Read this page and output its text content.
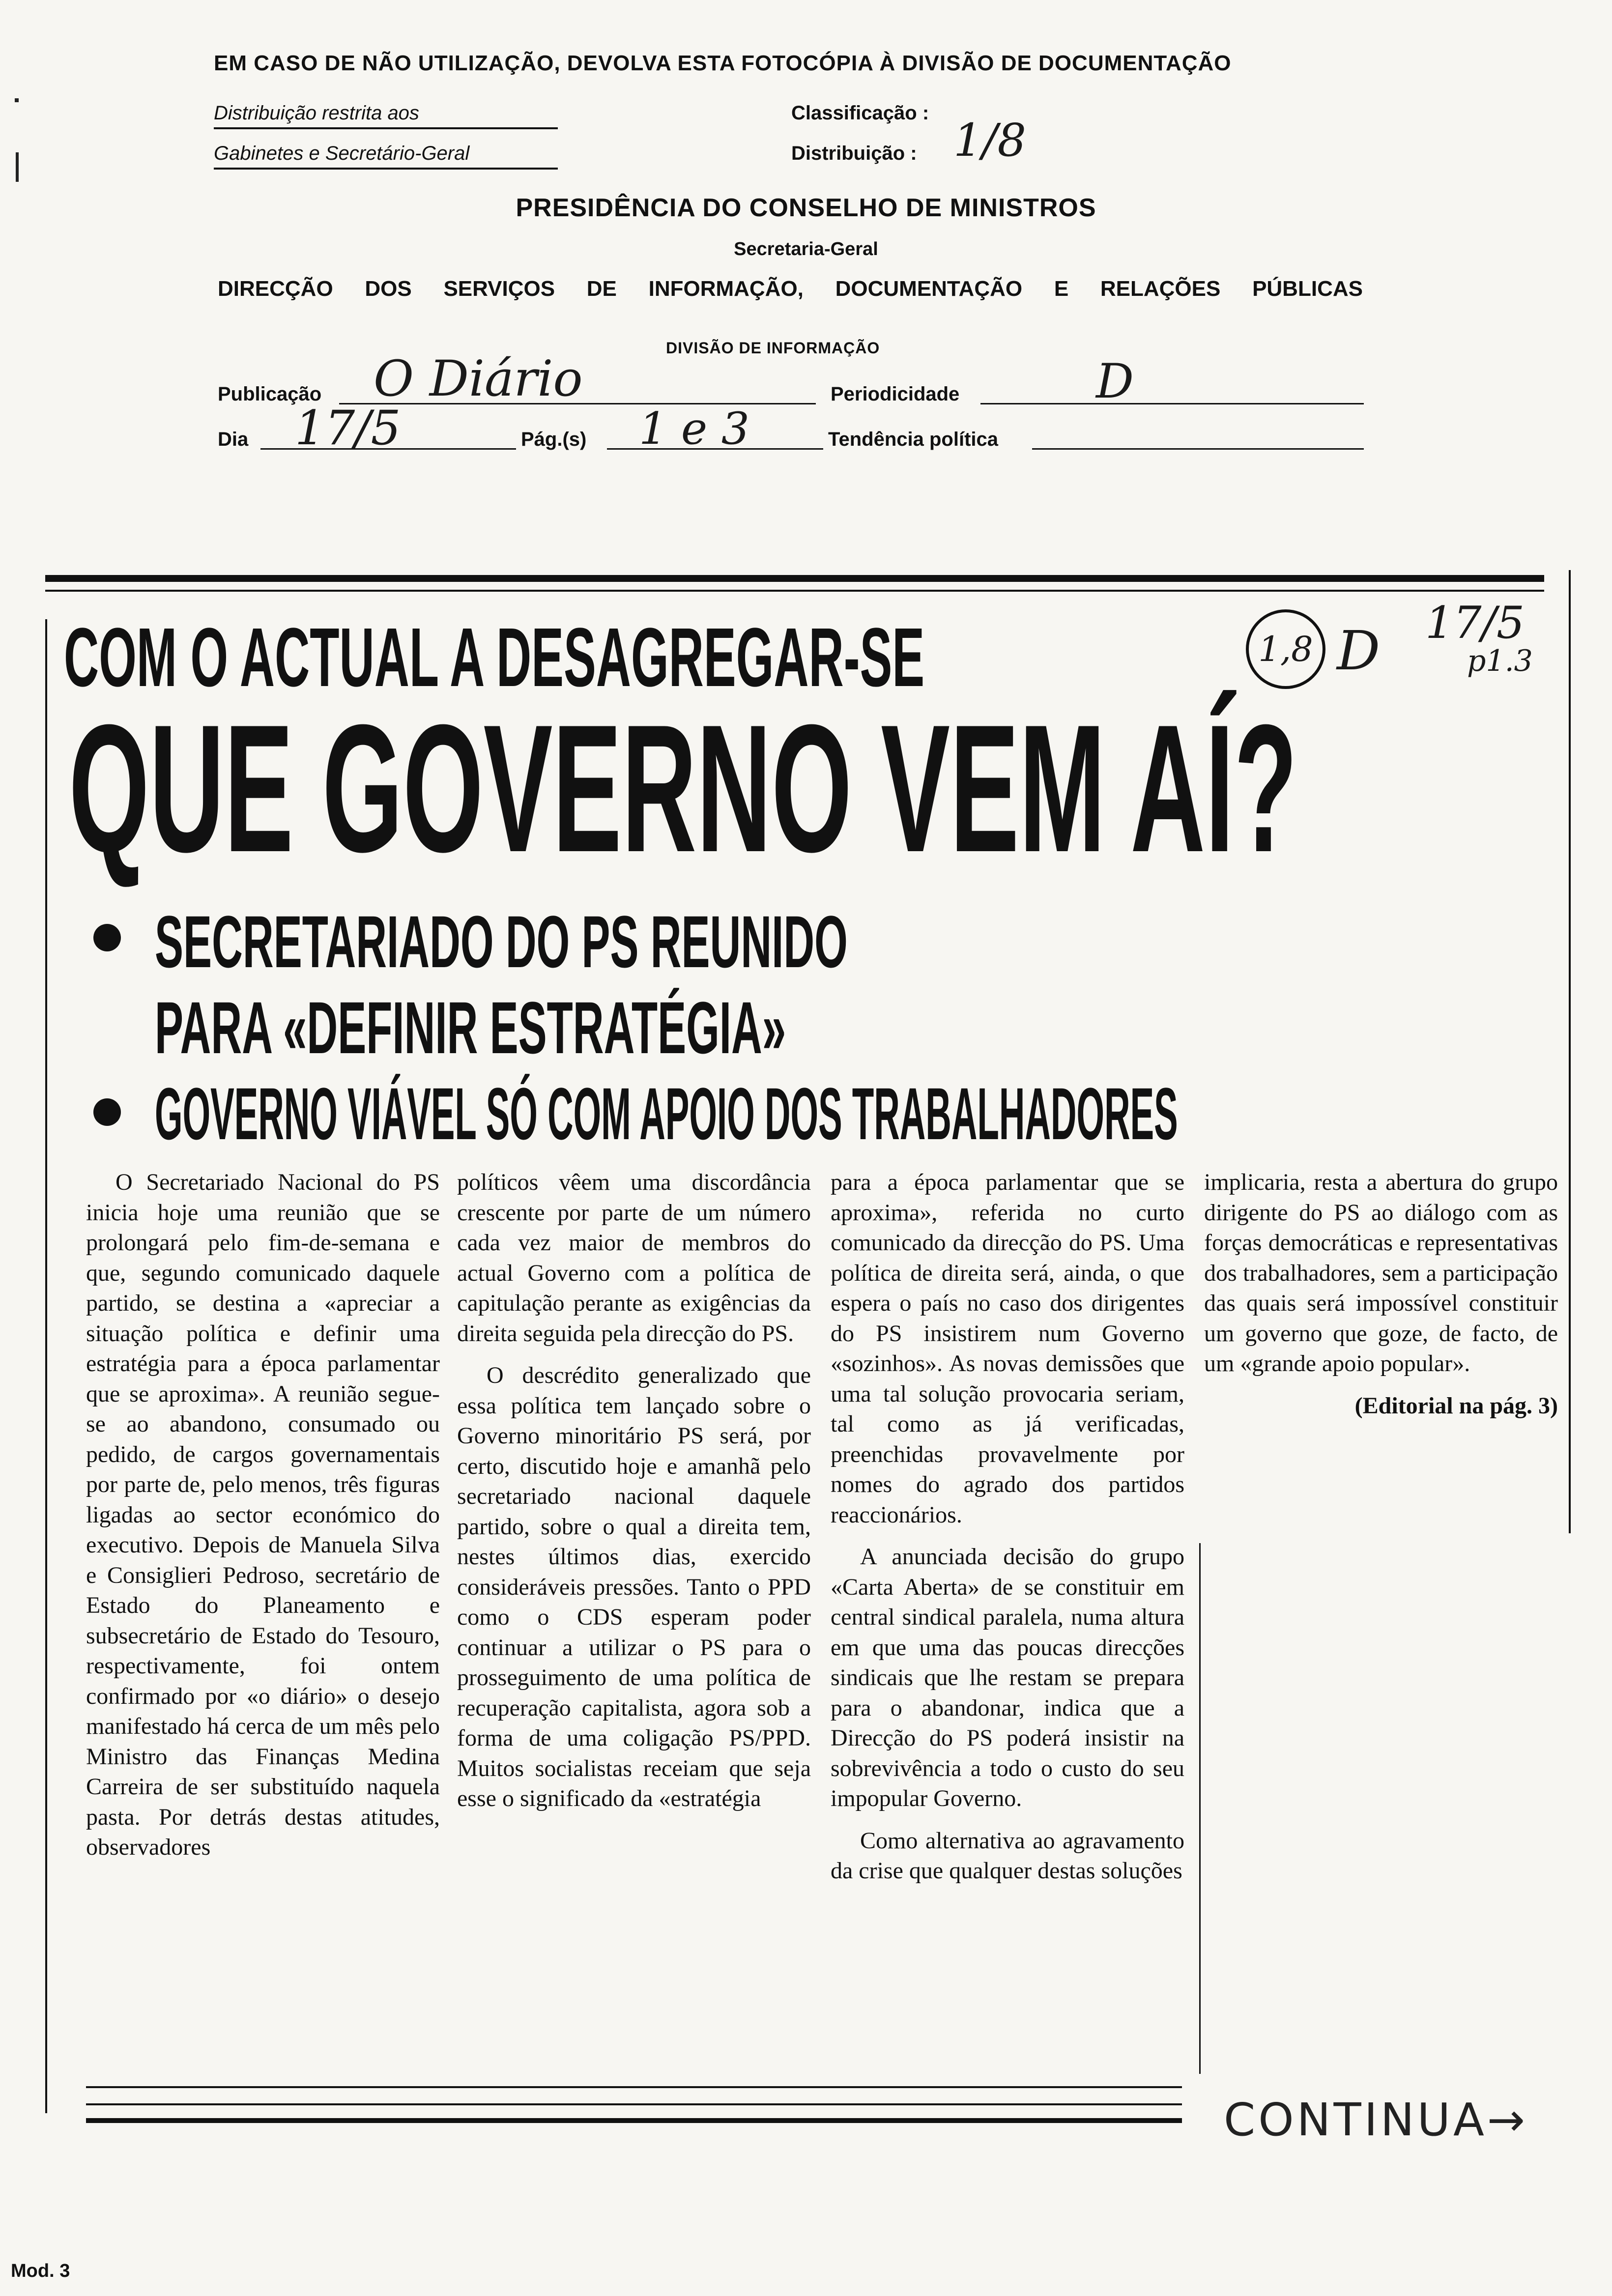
EM CASO DE NÃO UTILIZAÇÃO, DEVOLVA ESTA FOTOCÓPIA À DIVISÃO DE DOCUMENTAÇÃO
Distribuição restrita aos
Gabinetes e Secretário-Geral
Classificação :
Distribuição : 1/8
PRESIDÊNCIA DO CONSELHO DE MINISTROS
Secretaria-Geral
DIRECÇÃO DOS SERVIÇOS DE INFORMAÇÃO, DOCUMENTAÇÃO E RELAÇÕES PÚBLICAS
DIVISÃO DE INFORMAÇÃO
Publicação O Diário	Periodicidade	D
Dia 17/5	Pág.(s) 1 e 3	Tendência política
COM O ACTUAL A DESAGREGAR-SE	1,8 D 17/5
p1.3
QUE GOVERNO VEM AÍ?
SECRETARIADO DO PS REUNIDO
PARA «DEFINIR ESTRATÉGIA»
GOVERNO VIÁVEL SÓ COM APOIO DOS TRABALHADORES

O Secretariado Nacional do PS inicia hoje uma reunião que se prolongará pelo fim-de-semana e que, segundo comunicado daquele partido, se destina a «apreciar a situação política e definir uma estratégia para a época parlamentar que se aproxima». A reunião segue-se ao abandono, consumado ou pedido, de cargos governamentais por parte de, pelo menos, três figuras ligadas ao sector económico do executivo. Depois de Manuela Silva e Consiglieri Pedroso, secretário de Estado do Planeamento e subsecretário de Estado do Tesouro, respectivamente, foi ontem confirmado por «o diário» o desejo manifestado há cerca de um mês pelo Ministro das Finanças Medina Carreira de ser substituído naquela pasta. Por detrás destas atitudes, observadores

políticos vêem uma discordância crescente por parte de um número cada vez maior de membros do actual Governo com a política de capitulação perante as exigências da direita seguida pela direcção do PS.

O descrédito generalizado que essa política tem lançado sobre o Governo minoritário PS será, por certo, discutido hoje e amanhã pelo secretariado nacional daquele partido, sobre o qual a direita tem, nestes últimos dias, exercido consideráveis pressões. Tanto o PPD como o CDS esperam poder continuar a utilizar o PS para o prosseguimento de uma política de recuperação capitalista, agora sob a forma de uma coligação PS/PPD. Muitos socialistas receiam que seja esse o significado da «estratégia

para a época parlamentar que se aproxima», referida no curto comunicado da direcção do PS. Uma política de direita será, ainda, o que espera o país no caso dos dirigentes do PS insistirem num Governo «sozinhos». As novas demissões que uma tal solução provocaria seriam, tal como as já verificadas, preenchidas provavelmente por nomes do agrado dos partidos reaccionários.

A anunciada decisão do grupo «Carta Aberta» de se constituir em central sindical paralela, numa altura em que uma das poucas direcções sindicais que lhe restam se prepara para o abandonar, indica que a Direcção do PS poderá insistir na sobrevivência a todo o custo do seu impopular Governo.

Como alternativa ao agravamento da crise que qualquer destas soluções

implicaria, resta a abertura do grupo dirigente do PS ao diálogo com as forças democráticas e representativas dos trabalhadores, sem a participação das quais será impossível constituir um governo que goze, de facto, de um «grande apoio popular».

(Editorial na pág. 3)
CONTINUA→
Mod. 3
